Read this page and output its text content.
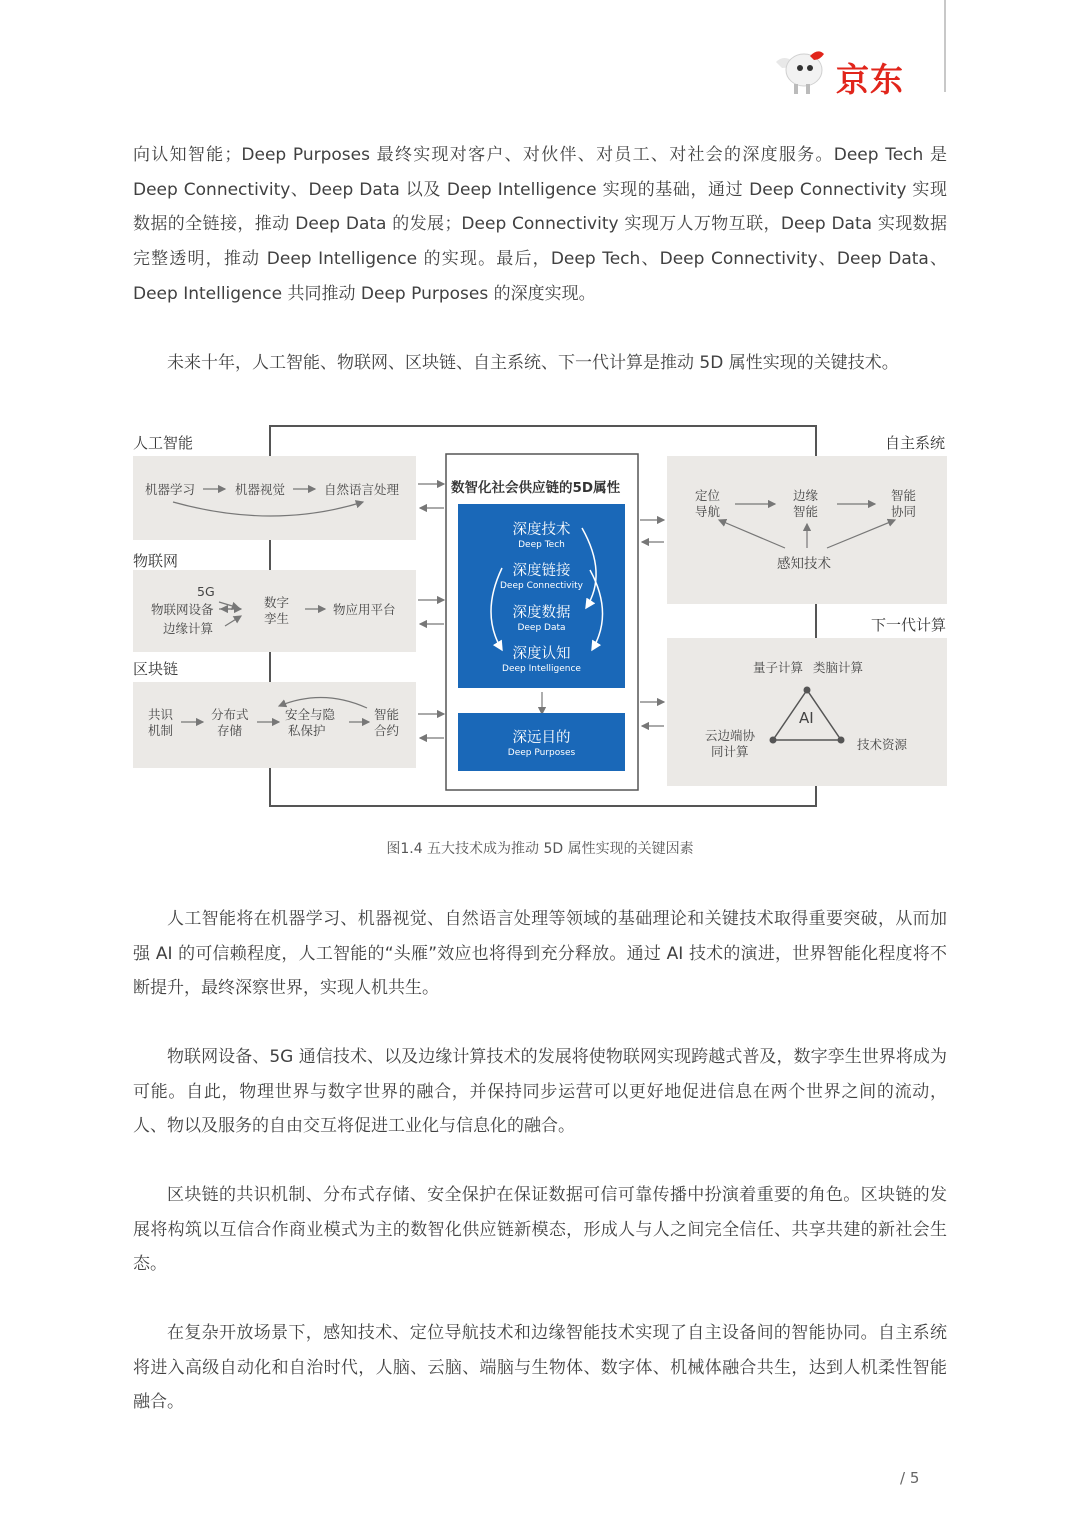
京东

向认知智能；Deep Purposes 最终实现对客户、对伙伴、对员工、对社会的深度服务。Deep Tech 是 Deep Connectivity、Deep Data 以及 Deep Intelligence 实现的基础，通过 Deep Connectivity 实现数据的全链接，推动 Deep Data 的发展；Deep Connectivity 实现万人万物互联，Deep Data 实现数据完整透明，推动 Deep Intelligence 的实现。最后，Deep Tech、Deep Connectivity、Deep Data、Deep Intelligence 共同推动 Deep Purposes 的深度实现。

未来十年，人工智能、物联网、区块链、自主系统、下一代计算是推动 5D 属性实现的关键技术。

人工智能
机器学习	机器视觉	自然语言处理
物联网
5G
物联网设备
边缘计算
数字
孪生
物应用平台
区块链
共识
机制
分布式
存储
安全与隐
私保护
智能
合约
数智化社会供应链的5D属性
深度技术
Deep Tech
深度链接
Deep Connectivity
深度数据
Deep Data
深度认知
Deep Intelligence
深远目的
Deep Purposes
自主系统
定位
导航
边缘
智能
智能
协同
感知技术
下一代计算
量子计算 类脑计算
AI
云边端协
同计算	技术资源
图1.4 五大技术成为推动 5D 属性实现的关键因素

人工智能将在机器学习、机器视觉、自然语言处理等领域的基础理论和关键技术取得重要突破，从而加强 AI 的可信赖程度，人工智能的“头雁”效应也将得到充分释放。通过 AI 技术的演进，世界智能化程度将不断提升，最终深察世界，实现人机共生。

物联网设备、5G 通信技术、以及边缘计算技术的发展将使物联网实现跨越式普及，数字孪生世界将成为可能。自此，物理世界与数字世界的融合，并保持同步运营可以更好地促进信息在两个世界之间的流动，人、物以及服务的自由交互将促进工业化与信息化的融合。

区块链的共识机制、分布式存储、安全保护在保证数据可信可靠传播中扮演着重要的角色。区块链的发展将构筑以互信合作商业模式为主的数智化供应链新模态，形成人与人之间完全信任、共享共建的新社会生态。

在复杂开放场景下，感知技术、定位导航技术和边缘智能技术实现了自主设备间的智能协同。自主系统将进入高级自动化和自治时代，人脑、云脑、端脑与生物体、数字体、机械体融合共生，达到人机柔性智能融合。

/ 5
